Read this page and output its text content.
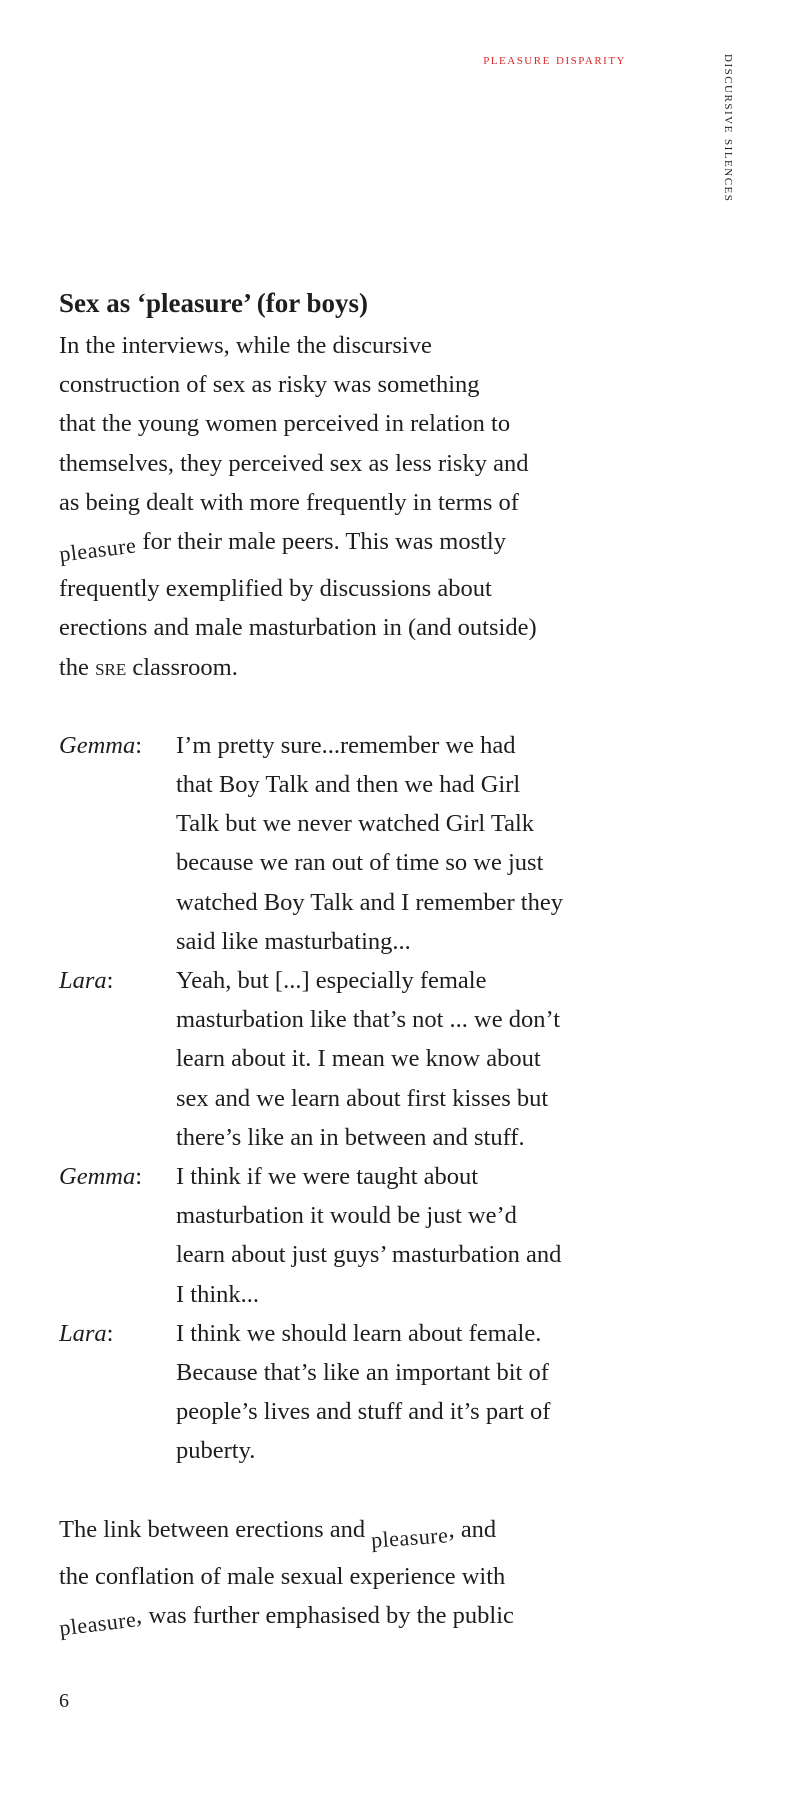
pleasure disparity	discursive silences
Sex as ‘pleasure’ (for boys)

In the interviews, while the discursive
construction of sex as risky was something
that the young women perceived in relation to
themselves, they perceived sex as less risky and
as being dealt with more frequently in terms of
pleasure for their male peers. This was mostly
frequently exemplified by discussions about
erections and male masturbation in (and outside)
the sre classroom.

Gemma:	I’m pretty sure...remember we had
that Boy Talk and then we had Girl
Talk but we never watched Girl Talk
because we ran out of time so we just
watched Boy Talk and I remember they
said like masturbating...
Lara:	Yeah, but [...] especially female
masturbation like that’s not ... we don’t
learn about it. I mean we know about
sex and we learn about first kisses but
there’s like an in between and stuff.
Gemma:	I think if we were taught about
masturbation it would be just we’d
learn about just guys’ masturbation and
I think...
Lara:	I think we should learn about female.
Because that’s like an important bit of
people’s lives and stuff and it’s part of
puberty.

The link between erections and pleasure, and
the conflation of male sexual experience with
pleasure, was further emphasised by the public

6
